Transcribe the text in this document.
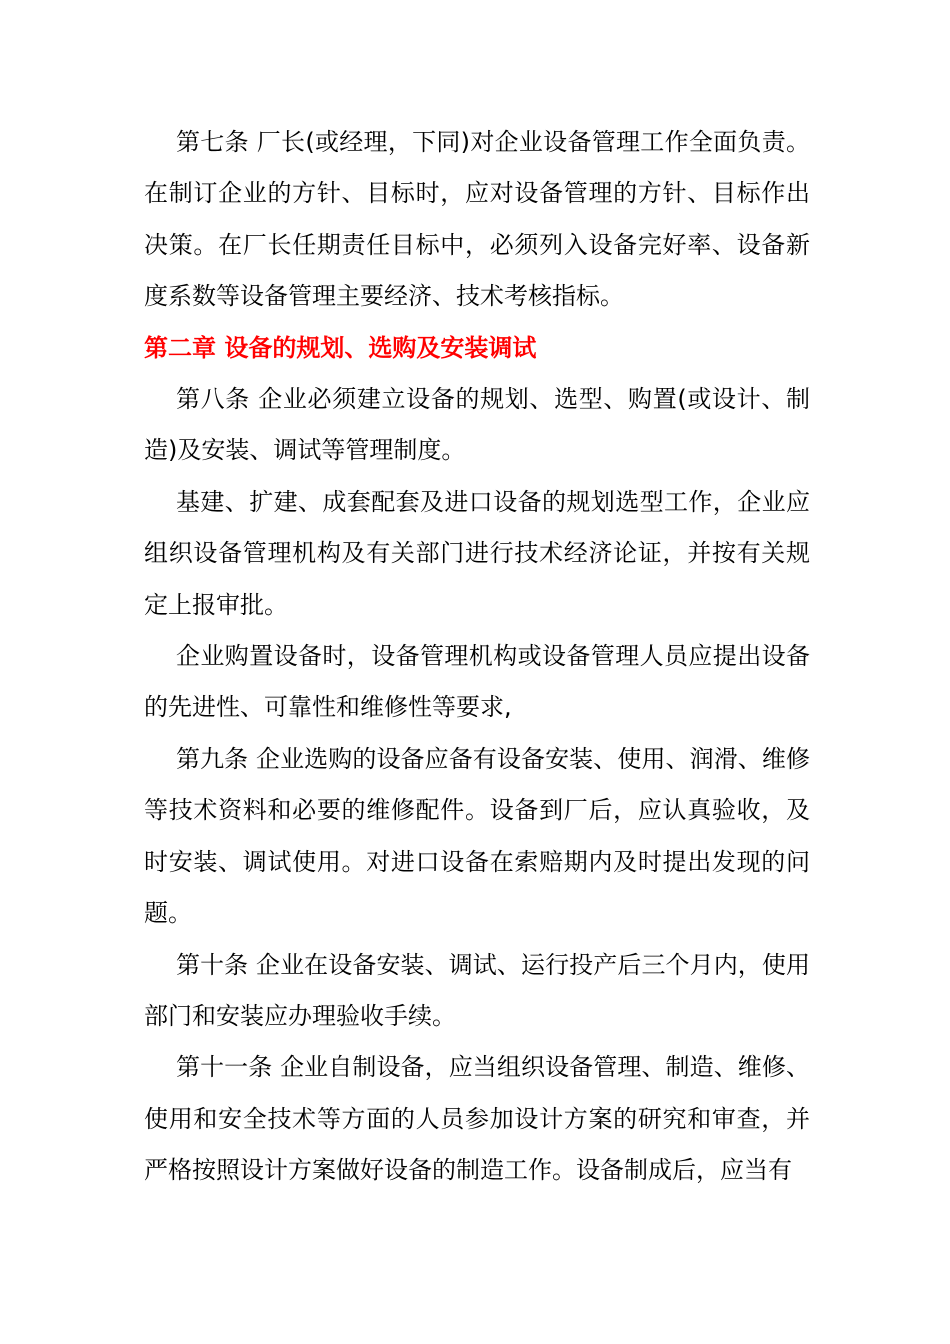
第七条 厂长(或经理，下同)对企业设备管理工作全面负责。在制订企业的方针、目标时，应对设备管理的方针、目标作出决策。在厂长任期责任目标中，必须列入设备完好率、设备新度系数等设备管理主要经济、技术考核指标。

第二章 设备的规划、选购及安装调试

第八条 企业必须建立设备的规划、选型、购置(或设计、制造)及安装、调试等管理制度。

基建、扩建、成套配套及进口设备的规划选型工作，企业应组织设备管理机构及有关部门进行技术经济论证，并按有关规定上报审批。

企业购置设备时，设备管理机构或设备管理人员应提出设备的先进性、可靠性和维修性等要求,

第九条 企业选购的设备应备有设备安装、使用、润滑、维修等技术资料和必要的维修配件。设备到厂后，应认真验收，及时安装、调试使用。对进口设备在索赔期内及时提出发现的问题。

第十条 企业在设备安装、调试、运行投产后三个月内，使用部门和安装应办理验收手续。

第十一条 企业自制设备，应当组织设备管理、制造、维修、使用和安全技术等方面的人员参加设计方案的研究和审查，并严格按照设计方案做好设备的制造工作。设备制成后，应当有
